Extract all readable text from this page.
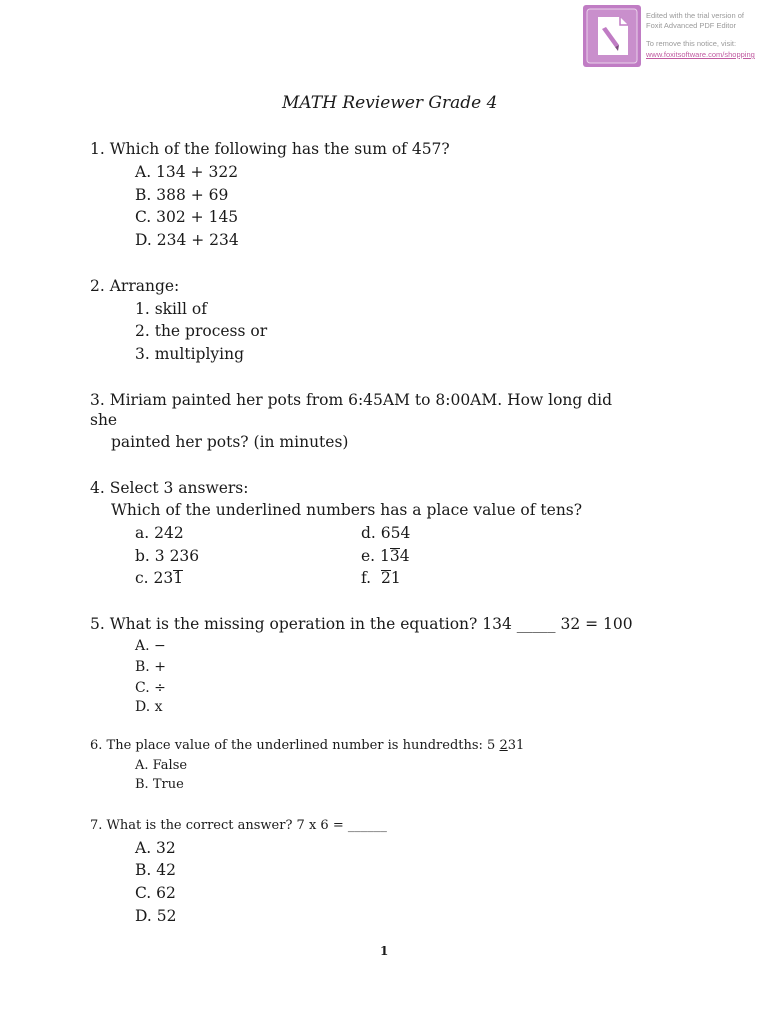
Edited with the trial version of
Foxit Advanced PDF Editor
To remove this notice, visit:
www.foxitsoftware.com/shopping
MATH Reviewer Grade 4
1. Which of the following has the sum of 457?
A. 134 + 322
B. 388 + 69
C. 302 + 145
D. 234 + 234
2. Arrange:
1. skill of
2. the process or
3. multiplying
3. Miriam painted her pots from 6:45AM to 8:00AM. How long did
she
painted her pots? (in minutes)
4. Select 3 answers:
Which of the underlined numbers has a place value of tens?
a. 242
b. 3 236
c. 231
d. 654
e. 134
f.  21
5. What is the missing operation in the equation? 134 _____ 32 = 100
A. −
B. +
C. ÷
D. x
6. The place value of the underlined number is hundredths: 5 231
A. False
B. True
7. What is the correct answer? 7 x 6 = ______
A. 32
B. 42
C. 62
D. 52
1
